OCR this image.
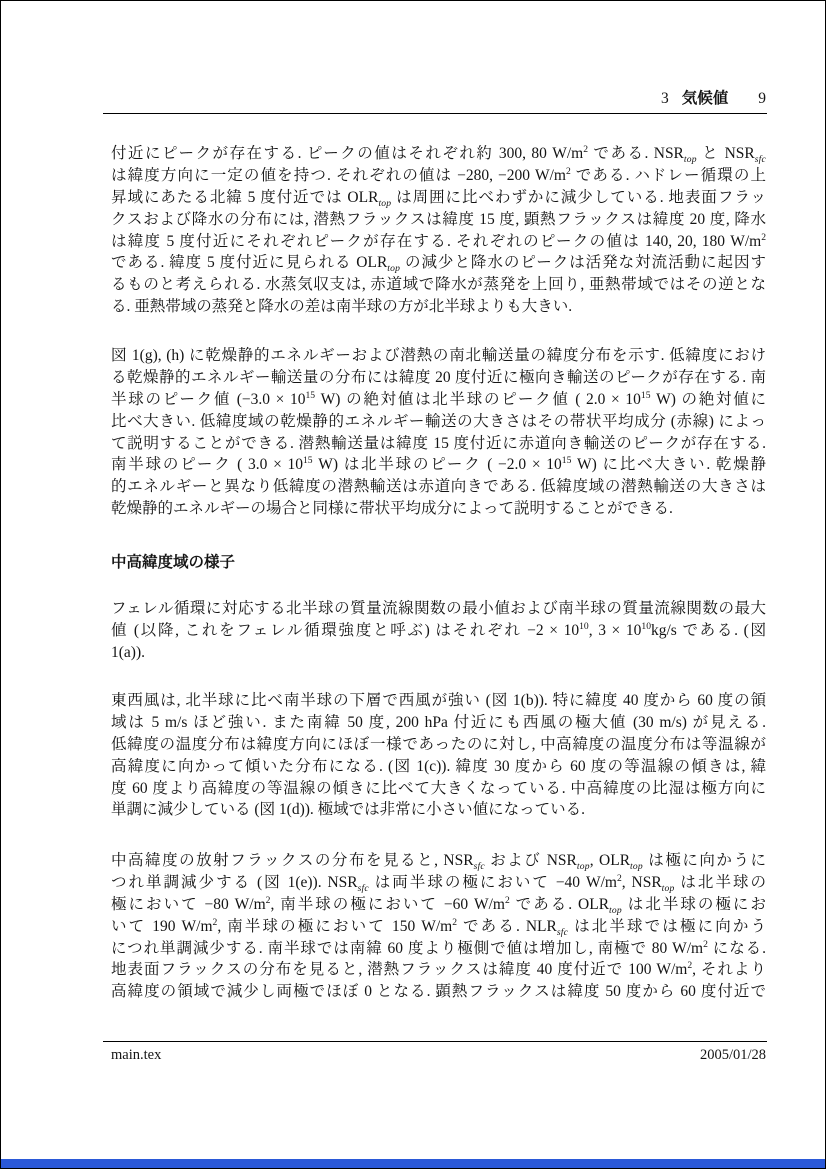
3 気候値 9
付近にピークが存在する. ピークの値はそれぞれ約 300, 80 $W/m^2$ である. $NSR_{top}$ と $NSR_{sfc}$
は緯度方向に一定の値を持つ. それぞれの値は −280, −200 $W/m^2$ である. ハドレー循環の上
昇域にあたる北緯 5 度付近では $OLR_{top}$ は周囲に比べわずかに減少している. 地表面フラッ
クスおよび降水の分布には, 潜熱フラックスは緯度 15 度, 顕熱フラックスは緯度 20 度, 降水
は緯度 5 度付近にそれぞれピークが存在する. それぞれのピークの値は 140, 20, 180 $W/m^2$
である. 緯度 5 度付近に見られる $OLR_{top}$ の減少と降水のピークは活発な対流活動に起因す
るものと考えられる. 水蒸気収支は, 赤道域で降水が蒸発を上回り, 亜熱帯域ではその逆とな
る. 亜熱帯域の蒸発と降水の差は南半球の方が北半球よりも大きい.
図 1(g), (h) に乾燥静的エネルギーおよび潜熱の南北輸送量の緯度分布を示す. 低緯度におけ
る乾燥静的エネルギー輸送量の分布には緯度 20 度付近に極向き輸送のピークが存在する. 南
半球のピーク値 ($-3.0 \times 10^{15}$ W) の絶対値は北半球のピーク値 ( $2.0 \times 10^{15}$ W) の絶対値に
比べ大きい. 低緯度域の乾燥静的エネルギー輸送の大きさはその帯状平均成分 (赤線) によっ
て説明することができる. 潜熱輸送量は緯度 15 度付近に赤道向き輸送のピークが存在する.
南半球のピーク ( $3.0 \times 10^{15}$ W) は北半球のピーク ( $-2.0 \times 10^{15}$ W) に比べ大きい. 乾燥静
的エネルギーと異なり低緯度の潜熱輸送は赤道向きである. 低緯度域の潜熱輸送の大きさは
乾燥静的エネルギーの場合と同様に帯状平均成分によって説明することができる.
中高緯度域の様子
フェレル循環に対応する北半球の質量流線関数の最小値および南半球の質量流線関数の最大
値 (以降, これをフェレル循環強度と呼ぶ) はそれぞれ $-2 \times 10^{10}$, $3 \times 10^{10}kg/s$ である. (図
1(a)).
東西風は, 北半球に比べ南半球の下層で西風が強い (図 1(b)). 特に緯度 40 度から 60 度の領
域は 5 m/s ほど強い. また南緯 50 度, 200 hPa 付近にも西風の極大値 (30 m/s) が見える.
低緯度の温度分布は緯度方向にほぼ一様であったのに対し, 中高緯度の温度分布は等温線が
高緯度に向かって傾いた分布になる. (図 1(c)). 緯度 30 度から 60 度の等温線の傾きは, 緯
度 60 度より高緯度の等温線の傾きに比べて大きくなっている. 中高緯度の比湿は極方向に
単調に減少している (図 1(d)). 極域では非常に小さい値になっている.
中高緯度の放射フラックスの分布を見ると, $NSR_{sfc}$ および $NSR_{top}$, $OLR_{top}$ は極に向かうに
つれ単調減少する (図 1(e)). $NSR_{sfc}$ は両半球の極において −40 $W/m^2$, $NSR_{top}$ は北半球の
極において −80 $W/m^2$, 南半球の極において −60 $W/m^2$ である. $OLR_{top}$ は北半球の極にお
いて 190 $W/m^2$, 南半球の極において 150 $W/m^2$ である. $NLR_{sfc}$ は北半球では極に向かう
につれ単調減少する. 南半球では南緯 60 度より極側で値は増加し, 南極で 80 $W/m^2$ になる.
地表面フラックスの分布を見ると, 潜熱フラックスは緯度 40 度付近で 100 $W/m^2$, それより
高緯度の領域で減少し両極でほぼ 0 となる. 顕熱フラックスは緯度 50 度から 60 度付近で
main.tex	2005/01/28
